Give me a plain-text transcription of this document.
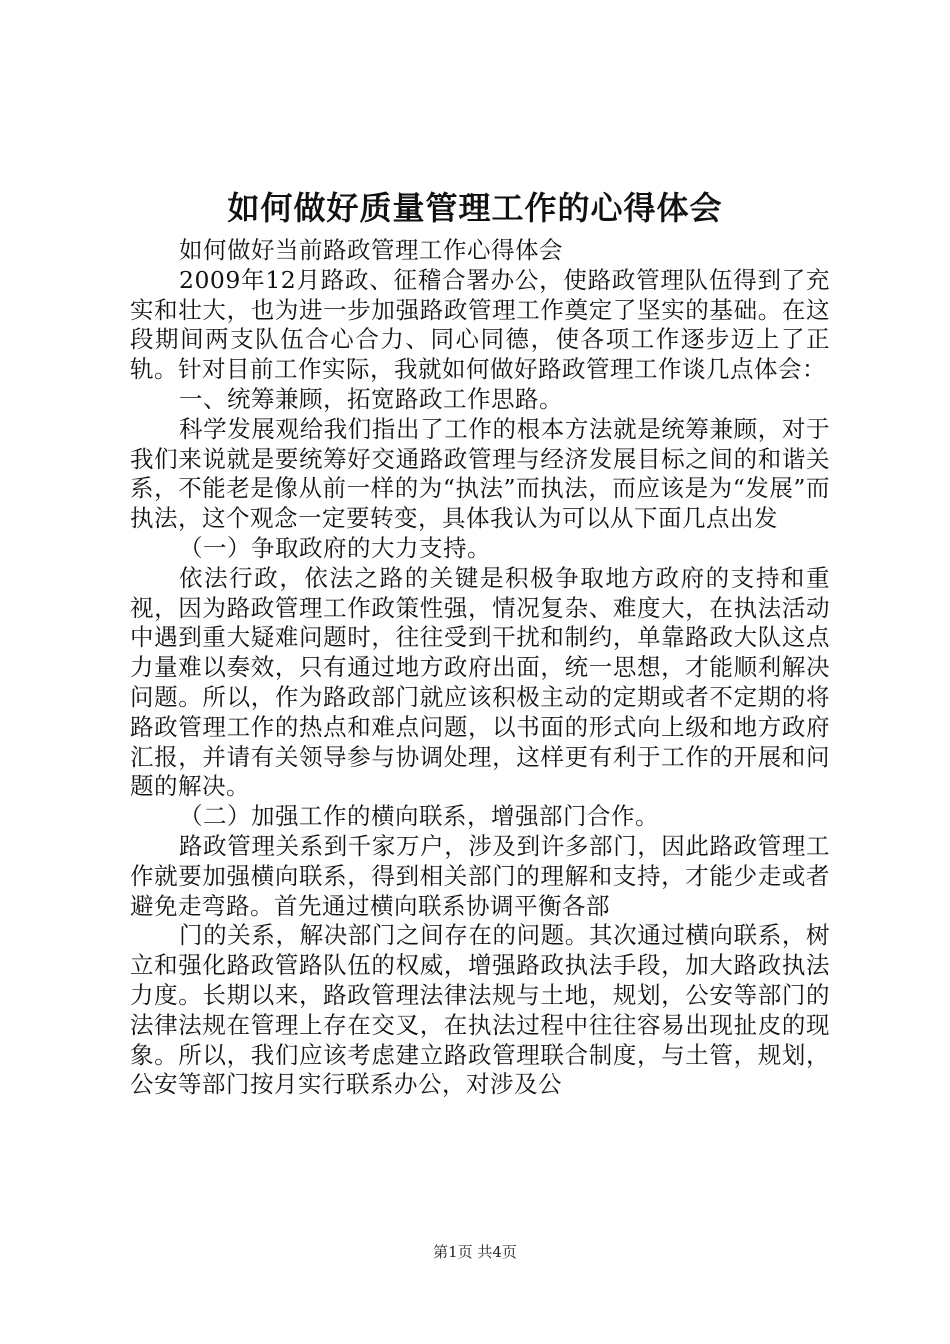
如何做好质量管理工作的心得体会

如何做好当前路政管理工作心得体会

2009年12月路政、征稽合署办公，使路政管理队伍得到了充实和壮大，也为进一步加强路政管理工作奠定了坚实的基础。在这段期间两支队伍合心合力、同心同德，使各项工作逐步迈上了正轨。针对目前工作实际，我就如何做好路政管理工作谈几点体会：

一、统筹兼顾，拓宽路政工作思路。

科学发展观给我们指出了工作的根本方法就是统筹兼顾，对于我们来说就是要统筹好交通路政管理与经济发展目标之间的和谐关系，不能老是像从前一样的为“执法”而执法，而应该是为“发展”而执法，这个观念一定要转变，具体我认为可以从下面几点出发

（一）争取政府的大力支持。

依法行政，依法之路的关键是积极争取地方政府的支持和重视，因为路政管理工作政策性强，情况复杂、难度大，在执法活动中遇到重大疑难问题时，往往受到干扰和制约，单靠路政大队这点力量难以奏效，只有通过地方政府出面，统一思想，才能顺利解决问题。所以，作为路政部门就应该积极主动的定期或者不定期的将路政管理工作的热点和难点问题，以书面的形式向上级和地方政府汇报，并请有关领导参与协调处理，这样更有利于工作的开展和问题的解决。

（二）加强工作的横向联系，增强部门合作。

路政管理关系到千家万户，涉及到许多部门，因此路政管理工作就要加强横向联系，得到相关部门的理解和支持，才能少走或者避免走弯路。首先通过横向联系协调平衡各部

门的关系，解决部门之间存在的问题。其次通过横向联系，树立和强化路政管路队伍的权威，增强路政执法手段，加大路政执法力度。长期以来，路政管理法律法规与土地，规划，公安等部门的法律法规在管理上存在交叉，在执法过程中往往容易出现扯皮的现象。所以，我们应该考虑建立路政管理联合制度，与土管，规划，公安等部门按月实行联系办公，对涉及公

第1页 共4页
